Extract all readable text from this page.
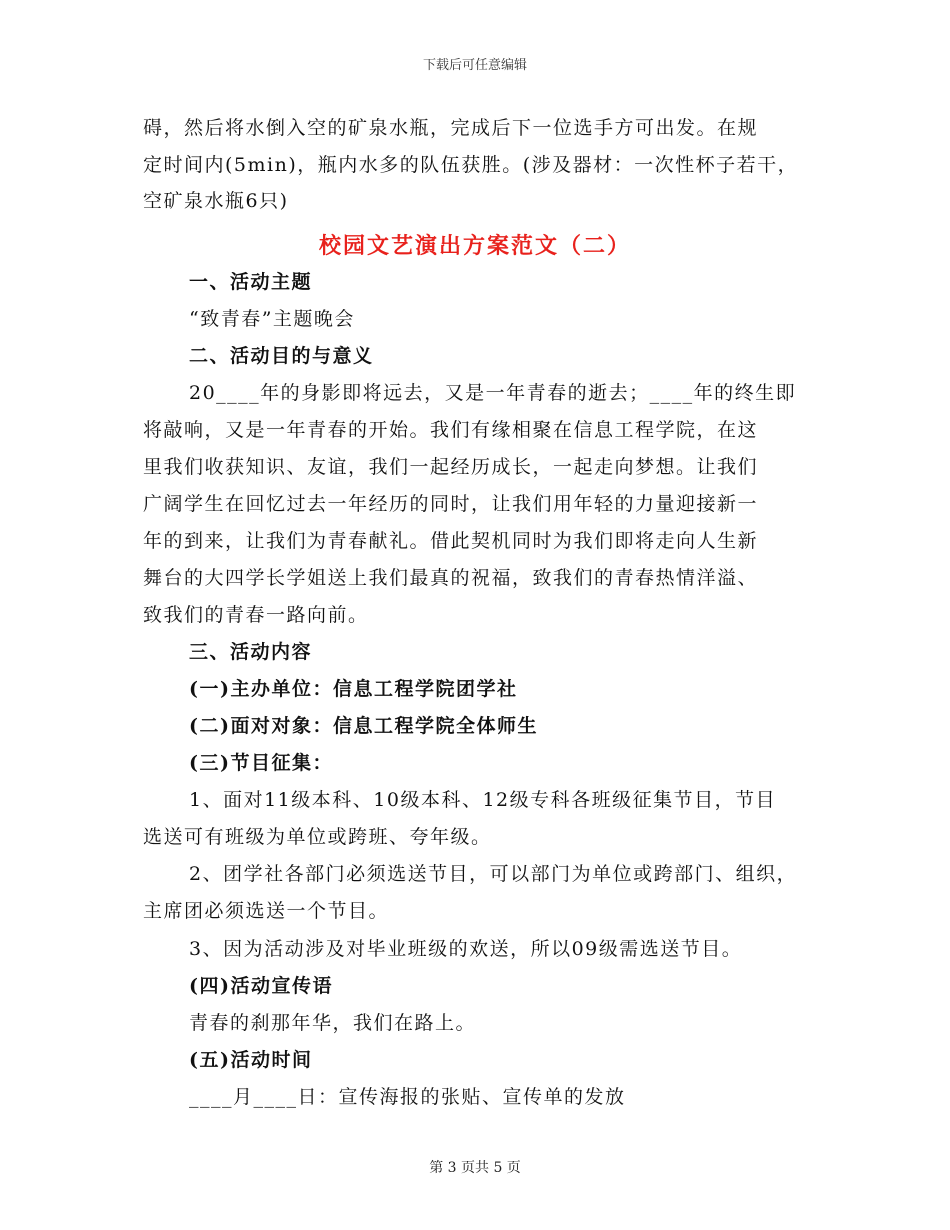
下载后可任意编辑
碍，然后将水倒入空的矿泉水瓶，完成后下一位选手方可出发。在规
定时间内(5min)，瓶内水多的队伍获胜。(涉及器材：一次性杯子若干，
空矿泉水瓶6只)
校园文艺演出方案范文（二）
一、活动主题
“致青春”主题晚会
二、活动目的与意义
20____年的身影即将远去，又是一年青春的逝去；____年的终生即
将敲响，又是一年青春的开始。我们有缘相聚在信息工程学院，在这
里我们收获知识、友谊，我们一起经历成长，一起走向梦想。让我们
广阔学生在回忆过去一年经历的同时，让我们用年轻的力量迎接新一
年的到来，让我们为青春献礼。借此契机同时为我们即将走向人生新
舞台的大四学长学姐送上我们最真的祝福，致我们的青春热情洋溢、
致我们的青春一路向前。
三、活动内容
(一)主办单位：信息工程学院团学社
(二)面对对象：信息工程学院全体师生
(三)节目征集：
1、面对11级本科、10级本科、12级专科各班级征集节目，节目
选送可有班级为单位或跨班、夸年级。
2、团学社各部门必须选送节目，可以部门为单位或跨部门、组织，
主席团必须选送一个节目。
3、因为活动涉及对毕业班级的欢送，所以09级需选送节目。
(四)活动宣传语
青春的刹那年华，我们在路上。
(五)活动时间
____月____日：宣传海报的张贴、宣传单的发放
第 3 页共 5 页
